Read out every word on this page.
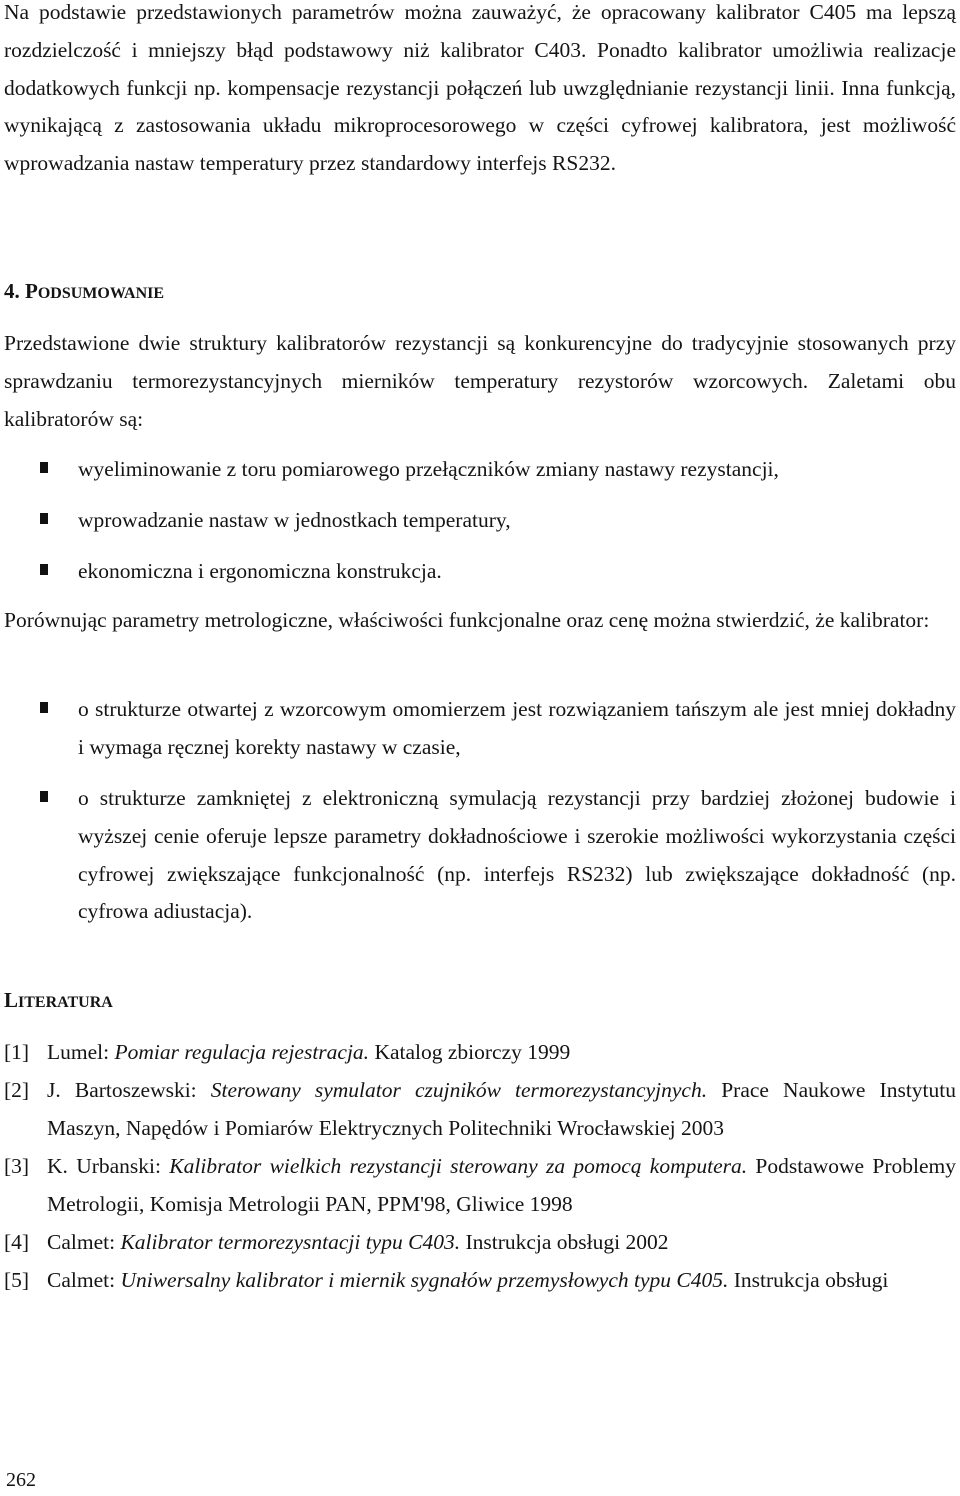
Na podstawie przedstawionych parametrów można zauważyć, że opracowany kalibrator C405 ma lepszą rozdzielczość i mniejszy błąd podstawowy niż kalibrator C403. Ponadto kalibrator umożliwia realizacje dodatkowych funkcji np. kompensacje rezystancji połączeń lub uwzględnianie rezystancji linii. Inna funkcją, wynikającą z zastosowania układu mikroprocesorowego w części cyfrowej kalibratora, jest możliwość wprowadzania nastaw temperatury przez standardowy interfejs RS232.

4. PODSUMOWANIE

Przedstawione dwie struktury kalibratorów rezystancji są konkurencyjne do tradycyjnie stosowanych przy sprawdzaniu termorezystancyjnych mierników temperatury rezystorów wzorcowych. Zaletami obu kalibratorów są:

wyeliminowanie z toru pomiarowego przełączników zmiany nastawy rezystancji,

wprowadzanie nastaw w jednostkach temperatury,

ekonomiczna i ergonomiczna konstrukcja.

Porównując parametry metrologiczne, właściwości funkcjonalne oraz cenę można stwierdzić, że kalibrator:

o strukturze otwartej z wzorcowym omomierzem jest rozwiązaniem tańszym ale jest mniej dokładny i wymaga ręcznej korekty nastawy w czasie,

o strukturze zamkniętej z elektroniczną symulacją rezystancji przy bardziej złożonej budowie i wyższej cenie oferuje lepsze parametry dokładnościowe i szerokie możliwości wykorzystania części cyfrowej zwiększające funkcjonalność (np. interfejs RS232) lub zwiększające dokładność (np. cyfrowa adiustacja).

LITERATURA
[1] Lumel: Pomiar regulacja rejestracja. Katalog zbiorczy 1999
[2] J. Bartoszewski: Sterowany symulator czujników termorezystancyjnych. Prace Naukowe Instytutu Maszyn, Napędów i Pomiarów Elektrycznych Politechniki Wrocławskiej 2003
[3] K. Urbanski: Kalibrator wielkich rezystancji sterowany za pomocą komputera. Podstawowe Problemy Metrologii, Komisja Metrologii PAN, PPM'98, Gliwice 1998
[4] Calmet: Kalibrator termorezysntacji typu C403. Instrukcja obsługi 2002
[5] Calmet: Uniwersalny kalibrator i miernik sygnałów przemysłowych typu C405. Instrukcja obsługi
262
